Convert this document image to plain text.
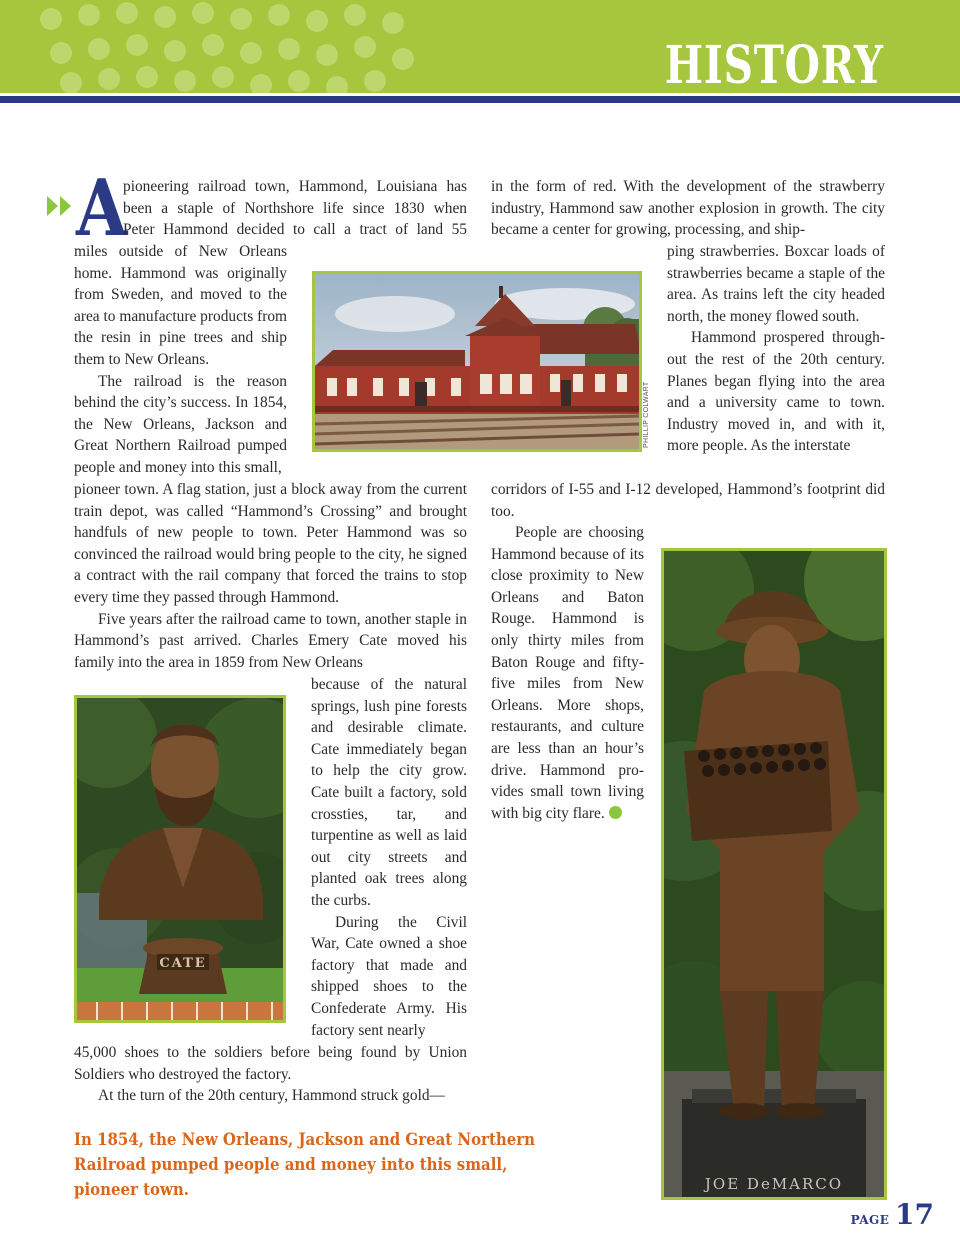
HISTORY
A

pioneering railroad town, Hammond, Louisiana has

been a staple of Northshore life since 1830 when

Peter Hammond decided to call a tract of land 55

miles outside of New Orleans home. Hammond was originally from Sweden, and moved to the area to manufacture products from the resin in pine trees and ship them to New Orleans.

The railroad is the reason behind the city’s success. In 1854, the New Orleans, Jackson and Great Northern Railroad pumped people and money into this small,

pioneer town. A flag station, just a block away from the current train depot, was called “Hammond’s Crossing” and brought handfuls of new people to town. Peter Hammond was so convinced the railroad would bring people to the city, he signed a contract with the rail company that forced the trains to stop every time they passed through Hammond.

Five years after the railroad came to town, another staple in Hammond’s past arrived. Charles Emery Cate moved his family into the area in 1859 from New Orleans

because of the natural springs, lush pine forests and desirable climate. Cate immediately began to help the city grow. Cate built a factory, sold crossties, tar, and turpentine as well as laid out city streets and planted oak trees along the curbs.

During the Civil War, Cate owned a shoe factory that made and shipped shoes to the Confederate Army. His factory sent nearly

45,000 shoes to the soldiers before being found by Union Soldiers who destroyed the factory.

At the turn of the 20th century, Hammond struck gold—

in the form of red. With the development of the strawberry industry, Hammond saw another explosion in growth. The city became a center for growing, processing, and ship-

ping strawberries. Boxcar loads of strawberries became a staple of the area. As trains left the city headed north, the money flowed south.

Hammond prospered through-out the rest of the 20th century. Planes began flying into the area and a university came to town. Industry moved in, and with it, more people. As the interstate

corridors of I-55 and I-12 developed, Hammond’s footprint did too.

People are choosing Hammond because of its close proximity to New Orleans and Baton Rouge. Hammond is only thirty miles from Baton Rouge and fifty-five miles from New Orleans. More shops, restaurants, and culture are less than an hour’s drive. Hammond pro-vides small town living with big city flare.

PHILLIP COLWART
CATE
JOE DeMARCO
In 1854, the New Orleans, Jackson and Great Northern Railroad pumped people and money into this small, pioneer town.
PAGE 17
